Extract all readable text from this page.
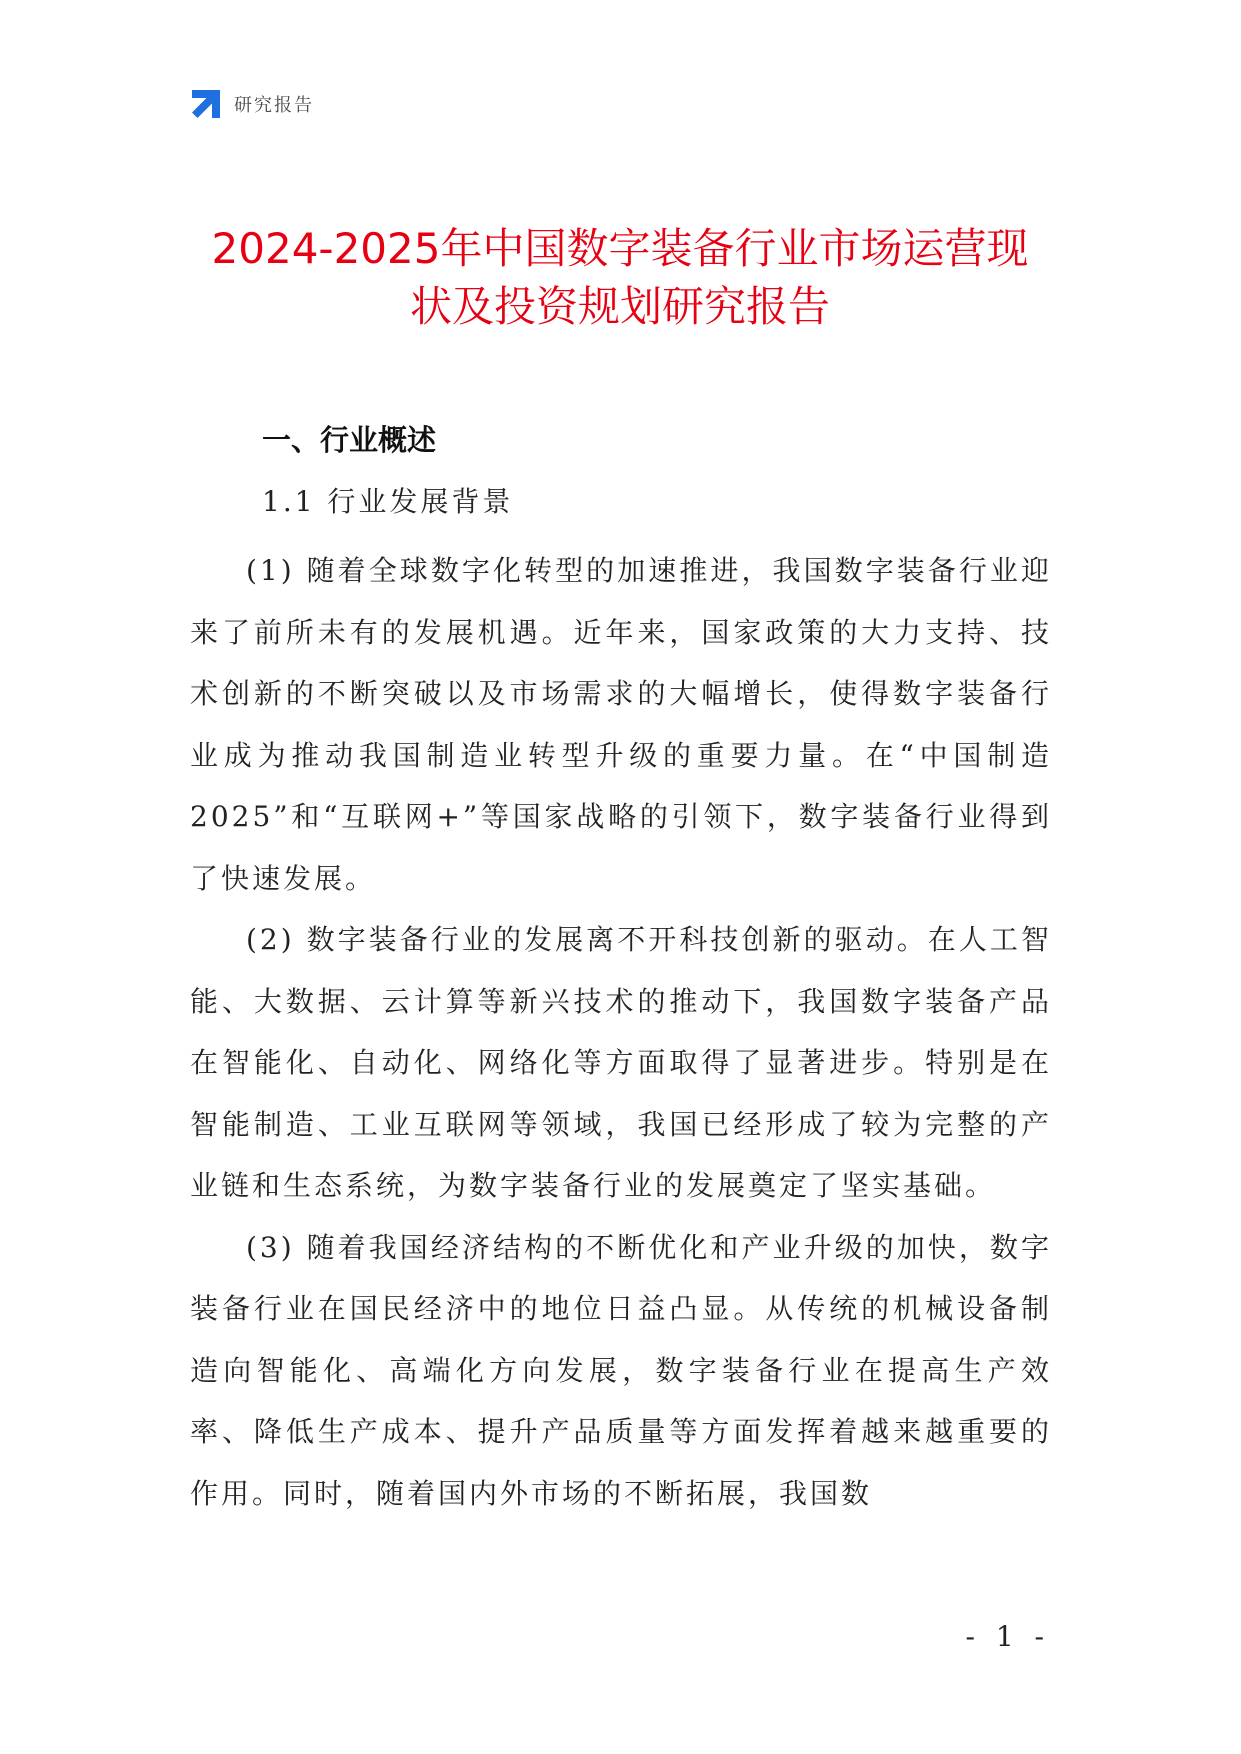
研究报告
2024-2025年中国数字装备行业市场运营现
状及投资规划研究报告
一、行业概述
1.1 行业发展背景

(1) 随着全球数字化转型的加速推进，我国数字装备行业迎来了前所未有的发展机遇。近年来，国家政策的大力支持、技术创新的不断突破以及市场需求的大幅增长，使得数字装备行业成为推动我国制造业转型升级的重要力量。在“中国制造2025”和“互联网+”等国家战略的引领下，数字装备行业得到了快速发展。

(2) 数字装备行业的发展离不开科技创新的驱动。在人工智能、大数据、云计算等新兴技术的推动下，我国数字装备产品在智能化、自动化、网络化等方面取得了显著进步。特别是在智能制造、工业互联网等领域，我国已经形成了较为完整的产业链和生态系统，为数字装备行业的发展奠定了坚实基础。

(3) 随着我国经济结构的不断优化和产业升级的加快，数字装备行业在国民经济中的地位日益凸显。从传统的机械设备制造向智能化、高端化方向发展，数字装备行业在提高生产效率、降低生产成本、提升产品质量等方面发挥着越来越重要的作用。同时，随着国内外市场的不断拓展，我国数

- 1 -
